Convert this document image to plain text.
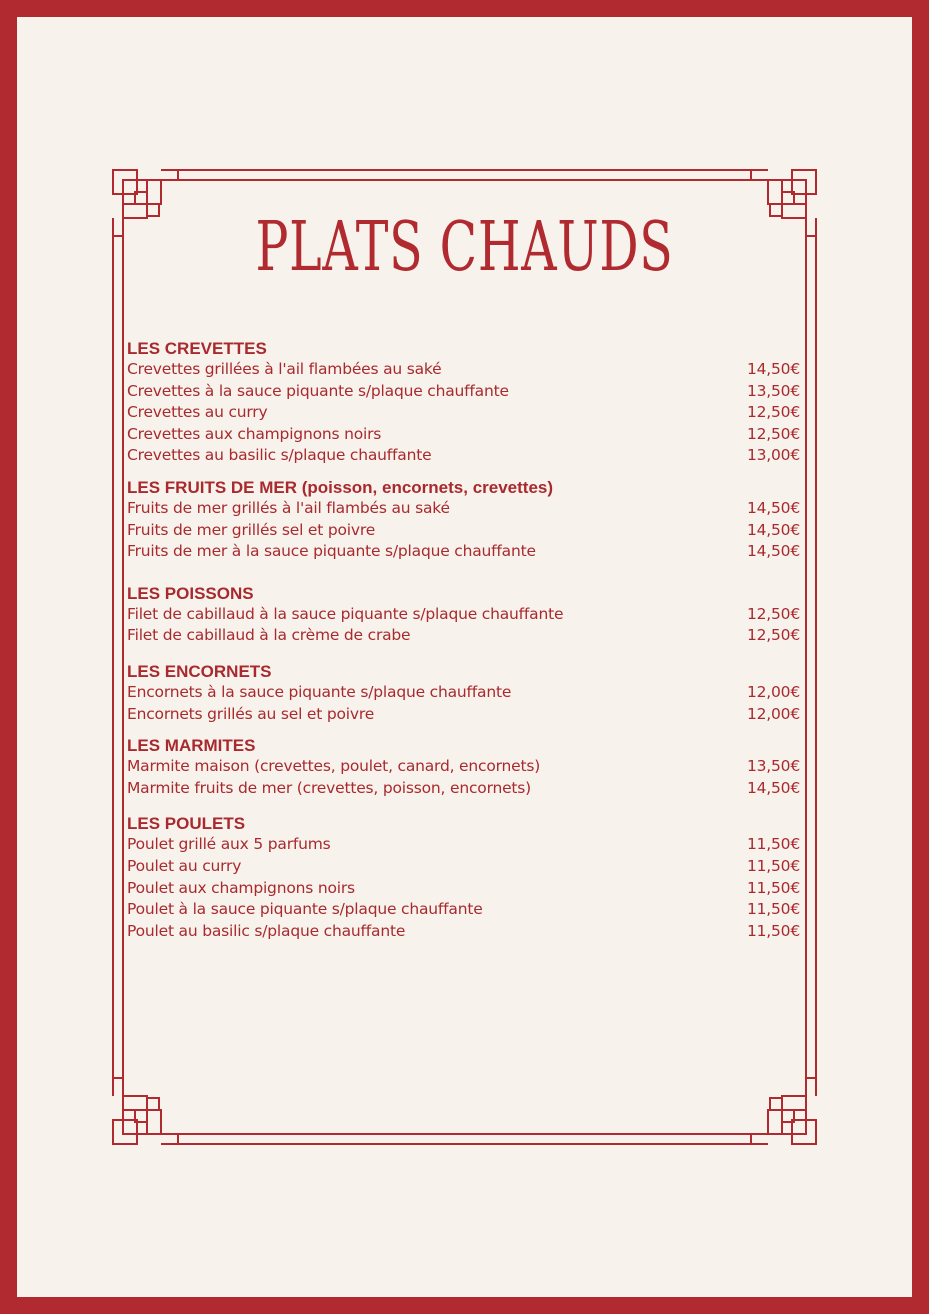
PLATS CHAUDS
LES CREVETTES
Crevettes grillées à l'ail flambées au saké	14,50€
Crevettes à la sauce piquante s/plaque chauffante	13,50€
Crevettes au curry	12,50€
Crevettes aux champignons noirs	12,50€
Crevettes au basilic s/plaque chauffante	13,00€
LES FRUITS DE MER (poisson, encornets, crevettes)
Fruits de mer grillés à l'ail flambés au saké	14,50€
Fruits de mer grillés sel et poivre	14,50€
Fruits de mer à la sauce piquante s/plaque chauffante	14,50€
LES POISSONS
Filet de cabillaud à la sauce piquante s/plaque chauffante	12,50€
Filet de cabillaud à la crème de crabe	12,50€
LES ENCORNETS
Encornets à la sauce piquante s/plaque chauffante	12,00€
Encornets grillés au sel et poivre	12,00€
LES MARMITES
Marmite maison (crevettes, poulet, canard, encornets)	13,50€
Marmite fruits de mer (crevettes, poisson, encornets)	14,50€
LES POULETS
Poulet grillé aux 5 parfums	11,50€
Poulet au curry	11,50€
Poulet aux champignons noirs	11,50€
Poulet à la sauce piquante s/plaque chauffante	11,50€
Poulet au basilic s/plaque chauffante	11,50€
